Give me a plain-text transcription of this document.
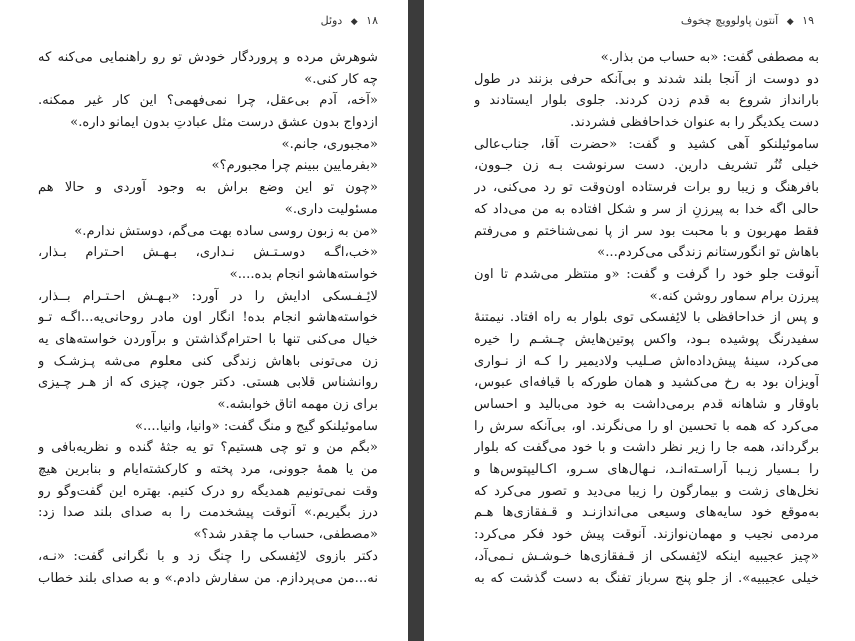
۱۸ ◆ دوئل
شوهرش مرده و پروردگار خودش تو رو راهنمایی می‌کنه که
چه کار کنی.»
«آخه، آدم بی‌عقل، چرا نمی‌فهمی؟ این کار غیر ممکنه.
ازدواج بدون عشق درست مثل عبادتِ بدون ایمانو داره.»
«مجبوری، جانم.»
«بفرمایین ببینم چرا مجبورم؟»
«چون تو این وضع براش به وجود آوردی و حالا هم
مسئولیت داری.»
«من به زبون روسی ساده بهت می‌گم، دوستش ندارم.»
«خب،اگـه دوسـتـش نـداری، بـهـش احـترام بـذار،
خواسته‌هاشو انجام بده....»
لائِـفـسکی ادایش را در آورد: «بـهـش احـتـرام بــذار،
خواسته‌هاشو انجام بده! انگار اون مادر روحانی‌یه...اگـه تـو
خیال می‌کنی تنها با احترام‌گذاشتن و برآوردن خواسته‌های یه
زن می‌تونی باهاش زندگی کنی معلوم می‌شه پـزشـک و
روانشناس قلابی هستی. دکتر جون، چیزی که از هـر چـیزی
برای زن مهمه اتاق خوابشه.»
ساموئیلنکو گیج و منگ گفت: «وانیا، وانیا....»
«بگم من و تو چی هستیم؟ تو یه جثۀ گنده و نظریه‌بافی و
من یا همۀ جوونی، مرد پخته و کارکشته‌ایام و بنابرین هیچ
وقت نمی‌تونیم همدیگه رو درک کنیم. بهتره این گفت‌وگو رو
درز بگیریم.» آنوقت پیشخدمت را به صدای بلند صدا زد:
«مصطفی، حساب ما چقدر شد؟»
دکتر بازوی لائِفسکی را چنگ زد و با نگرانی گفت: «نـه،
نه...من می‌پردازم. من سفارش دادم.» و به صدای بلند خطاب
۱۹ ◆ آنتون پاولوویچ چخوف
به مصطفی گفت: «به حساب من بذار.»
دو دوست از آنجا بلند شدند و بی‌آنکه حرفی بزنند در طول
بارانداز شروع به قدم زدن کردند. جلوی بلوار ایستادند و
دست یکدیگر را به عنوان خداحافظی فشردند.
ساموئیلنکو آهی کشید و گفت: «حضرت آقا، جناب‌عالی
خیلی تُنُر تشریف دارین. دست سرنوشت بـه زن جـوون،
بافرهنگ و زیبا رو برات فرستاده اون‌وقت تو رد می‌کنی، در
حالی اگه خدا به پیرزنِ از سر و شکل افتاده به من می‌داد که
فقط مهربون و با محبت بود سر از پا نمی‌شناختم و می‌رفتم
باهاش تو انگورستانم زندگی می‌کردم...»
آنوقت جلو خود را گرفت و گفت: «و منتظر می‌شدم تا اون
پیرزن برام سماور روشن کنه.»
و پس از خداحافظی با لائِفسکی توی بلوار به راه افتاد. نیمتنۀ
سفیدرنگ پوشیده بـود، واکس پوتین‌هایش چـشـم را خیره
می‌کرد، سینۀ پیش‌داده‌اش صـلیب ولادیمیر را کـه از نـواری
آویزان بود به رخ می‌کشید و همان طورکه با قیافه‌ای عبوس،
باوقار و شاهانه قدم برمی‌داشت به خود می‌بالید و احساس
می‌کرد که همه با تحسین او را می‌نگرند. او، بی‌آنکه سرش را
برگرداند، همه جا را زیر نظر داشت و با خود می‌گفت که بلوار
را بـسیار زیـبا آراسـته‌انـد، نـهال‌های سـرو، اکـالیپتوس‌ها و
نخل‌های زشت و بیمارگون را زیبا می‌دید و تصور می‌کرد که
به‌موقع خود سایه‌های وسیعی می‌اندازنـد و قـفقازی‌ها هـم
مردمی نجیب و مهمان‌نوازند. آنوقت پیش خود فکر می‌کرد:
«چیز عجیبیه اینکه لائِفسکی از قـفقازی‌ها خـوشـش نـمی‌آد،
خیلی عجیبیه». از جلو پنج سرباز تفنگ به دست گذشت که به
